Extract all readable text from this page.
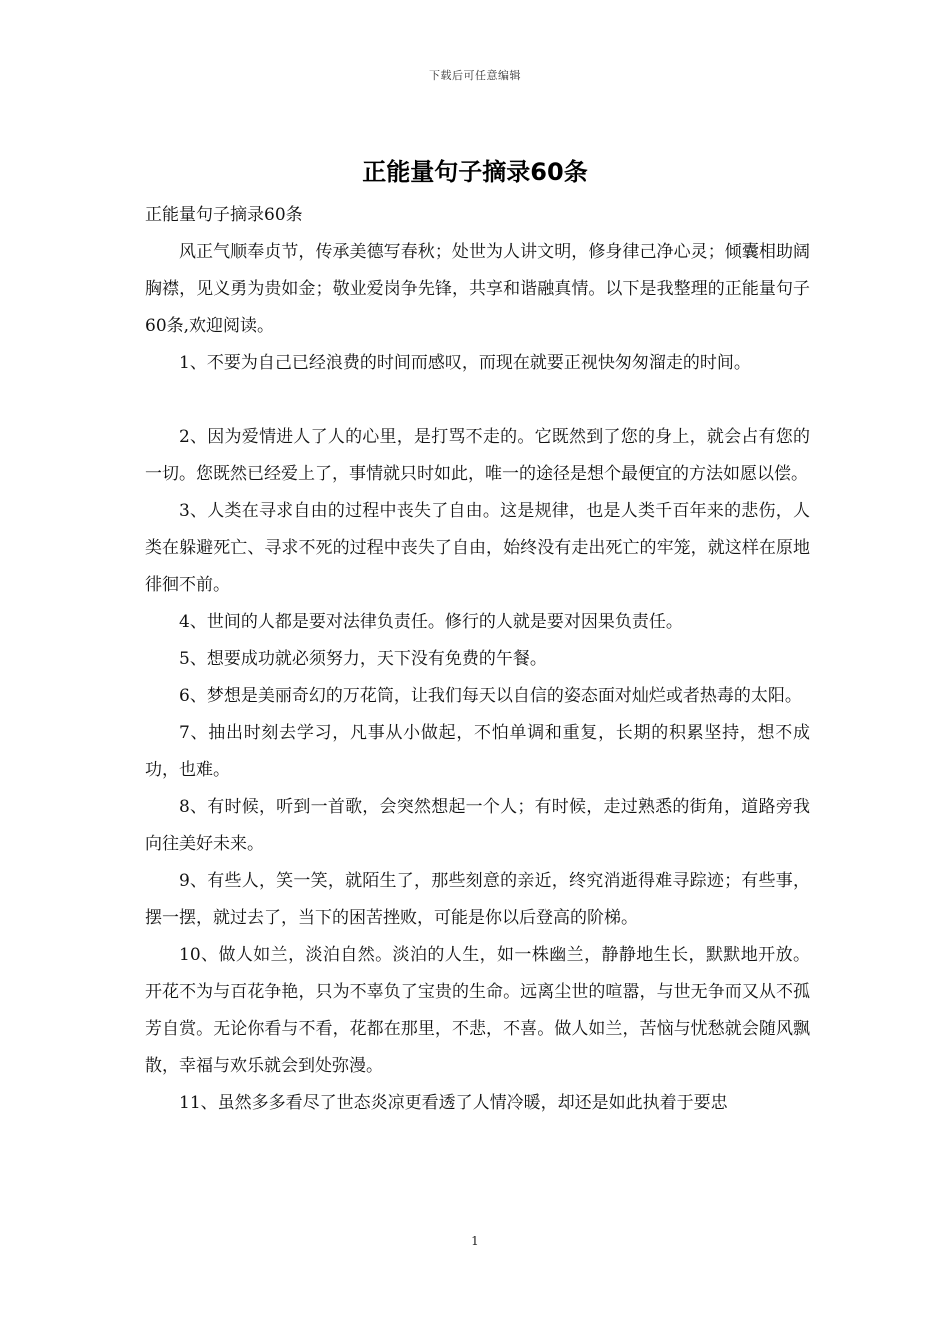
下载后可任意编辑
正能量句子摘录60条

正能量句子摘录60条

风正气顺奉贞节，传承美德写春秋；处世为人讲文明，修身律己净心灵；倾囊相助阔胸襟，见义勇为贵如金；敬业爱岗争先锋，共享和谐融真情。以下是我整理的正能量句子60条,欢迎阅读。

1、不要为自己已经浪费的时间而感叹，而现在就要正视快匆匆溜走的时间。

2、因为爱情进人了人的心里，是打骂不走的。它既然到了您的身上，就会占有您的一切。您既然已经爱上了，事情就只时如此，唯一的途径是想个最便宜的方法如愿以偿。

3、人类在寻求自由的过程中丧失了自由。这是规律，也是人类千百年来的悲伤，人类在躲避死亡、寻求不死的过程中丧失了自由，始终没有走出死亡的牢笼，就这样在原地徘徊不前。

4、世间的人都是要对法律负责任。修行的人就是要对因果负责任。

5、想要成功就必须努力，天下没有免费的午餐。

6、梦想是美丽奇幻的万花筒，让我们每天以自信的姿态面对灿烂或者热毒的太阳。

7、抽出时刻去学习，凡事从小做起，不怕单调和重复，长期的积累坚持，想不成功，也难。

8、有时候，听到一首歌，会突然想起一个人；有时候，走过熟悉的街角，道路旁我向往美好未来。

9、有些人，笑一笑，就陌生了，那些刻意的亲近，终究消逝得难寻踪迹；有些事，摆一摆，就过去了，当下的困苦挫败，可能是你以后登高的阶梯。

10、做人如兰，淡泊自然。淡泊的人生，如一株幽兰，静静地生长，默默地开放。开花不为与百花争艳，只为不辜负了宝贵的生命。远离尘世的喧嚣，与世无争而又从不孤芳自赏。无论你看与不看，花都在那里，不悲，不喜。做人如兰，苦恼与忧愁就会随风飘散，幸福与欢乐就会到处弥漫。

11、虽然多多看尽了世态炎凉更看透了人情冷暖，却还是如此执着于要忠

1
